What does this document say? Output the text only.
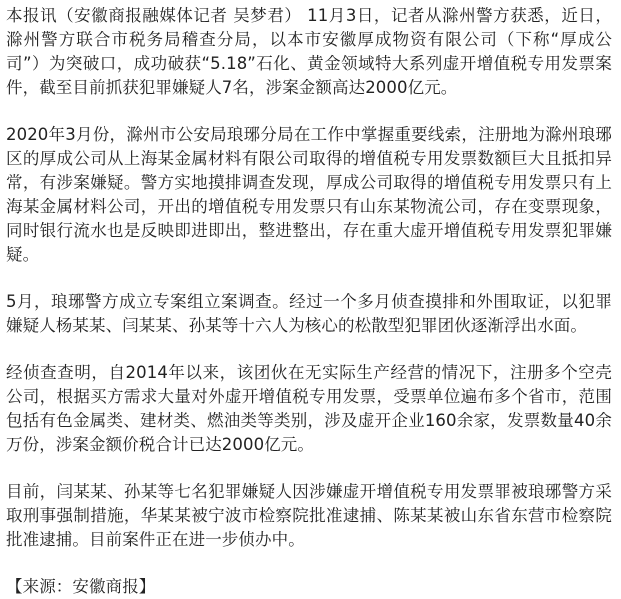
本报讯（安徽商报融媒体记者 吴梦君） 11月3日，记者从滁州警方获悉，近日，滁州警方联合市税务局稽查分局，以本市安徽厚成物资有限公司（下称“厚成公司”）为突破口，成功破获“5.18”石化、黄金领域特大系列虚开增值税专用发票案件，截至目前抓获犯罪嫌疑人7名，涉案金额高达2000亿元。

2020年3月份，滁州市公安局琅琊分局在工作中掌握重要线索，注册地为滁州琅琊区的厚成公司从上海某金属材料有限公司取得的增值税专用发票数额巨大且抵扣异常，有涉案嫌疑。警方实地摸排调查发现，厚成公司取得的增值税专用发票只有上海某金属材料公司，开出的增值税专用发票只有山东某物流公司，存在变票现象，同时银行流水也是反映即进即出，整进整出，存在重大虚开增值税专用发票犯罪嫌疑。

5月，琅琊警方成立专案组立案调查。经过一个多月侦查摸排和外围取证，以犯罪嫌疑人杨某某、闫某某、孙某等十六人为核心的松散型犯罪团伙逐渐浮出水面。

经侦查查明，自2014年以来，该团伙在无实际生产经营的情况下，注册多个空壳公司，根据买方需求大量对外虚开增值税专用发票，受票单位遍布多个省市，范围包括有色金属类、建材类、燃油类等类别，涉及虚开企业160余家，发票数量40余万份，涉案金额价税合计已达2000亿元。

目前，闫某某、孙某等七名犯罪嫌疑人因涉嫌虚开增值税专用发票罪被琅琊警方采取刑事强制措施，华某某被宁波市检察院批准逮捕、陈某某被山东省东营市检察院批准逮捕。目前案件正在进一步侦办中。

【来源：安徽商报】
